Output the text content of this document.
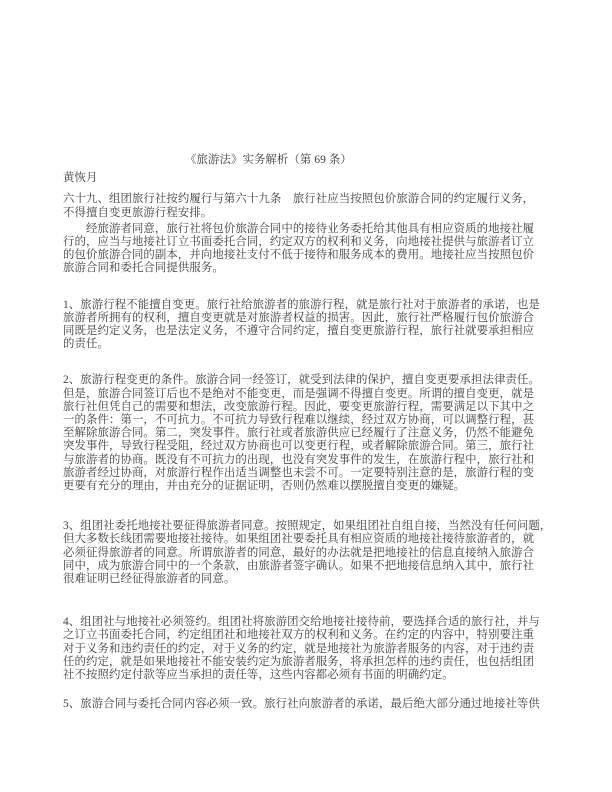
《旅游法》实务解析（第 69 条）
黄恢月
六十九、组团旅行社按约履行与第六十九条　旅行社应当按照包价旅游合同的约定履行义务，
不得擅自变更旅游行程安排。
　　经旅游者同意，旅行社将包价旅游合同中的接待业务委托给其他具有相应资质的地接社履
行的，应当与地接社订立书面委托合同，约定双方的权利和义务，向地接社提供与旅游者订立
的包价旅游合同的副本，并向地接社支付不低于接待和服务成本的费用。地接社应当按照包价
旅游合同和委托合同提供服务。
1、旅游行程不能擅自变更。旅行社给旅游者的旅游行程，就是旅行社对于旅游者的承诺，也是
旅游者所拥有的权利，擅自变更就是对旅游者权益的损害。因此，旅行社严格履行包价旅游合
同既是约定义务，也是法定义务，不遵守合同约定，擅自变更旅游行程，旅行社就要承担相应
的责任。
2、旅游行程变更的条件。旅游合同一经签订，就受到法律的保护，擅自变更要承担法律责任。
但是，旅游合同签订后也不是绝对不能变更，而是强调不得擅自变更。所谓的擅自变更，就是
旅行社但凭自己的需要和想法，改变旅游行程。因此，要变更旅游行程，需要满足以下其中之
一的条件：第一，不可抗力。不可抗力导致行程难以继续，经过双方协商，可以调整行程，甚
至解除旅游合同。第二，突发事件。旅行社或者旅游供应已经履行了注意义务，仍然不能避免
突发事件，导致行程受阻，经过双方协商也可以变更行程，或者解除旅游合同。第三，旅行社
与旅游者的协商。既没有不可抗力的出现，也没有突发事件的发生，在旅游行程中，旅行社和
旅游者经过协商，对旅游行程作出适当调整也未尝不可。一定要特别注意的是，旅游行程的变
更要有充分的理由，并由充分的证据证明，否则仍然难以摆脱擅自变更的嫌疑。
3、组团社委托地接社要征得旅游者同意。按照规定，如果组团社自组自接，当然没有任何问题，
但大多数长线团需要地接社接待。如果组团社要委托具有相应资质的地接社接待旅游者的，就
必须征得旅游者的同意。所谓旅游者的同意，最好的办法就是把地接社的信息直接纳入旅游合
同中，成为旅游合同中的一个条款，由旅游者签字确认。如果不把地接信息纳入其中，旅行社
很难证明已经征得旅游者的同意。
4、组团社与地接社必须签约。组团社将旅游团交给地接社接待前，要选择合适的旅行社，并与
之订立书面委托合同，约定组团社和地接社双方的权利和义务。在约定的内容中，特别要注重
对于义务和违约责任的约定，对于义务的约定，就是地接社为旅游者服务的内容，对于违约责
任的约定，就是如果地接社不能安装约定为旅游者服务，将承担怎样的违约责任，也包括组团
社不按照约定付款等应当承担的责任等，这些内容都必须有书面的明确约定。
5、旅游合同与委托合同内容必须一致。旅行社向旅游者的承诺，最后绝大部分通过地接社等供
